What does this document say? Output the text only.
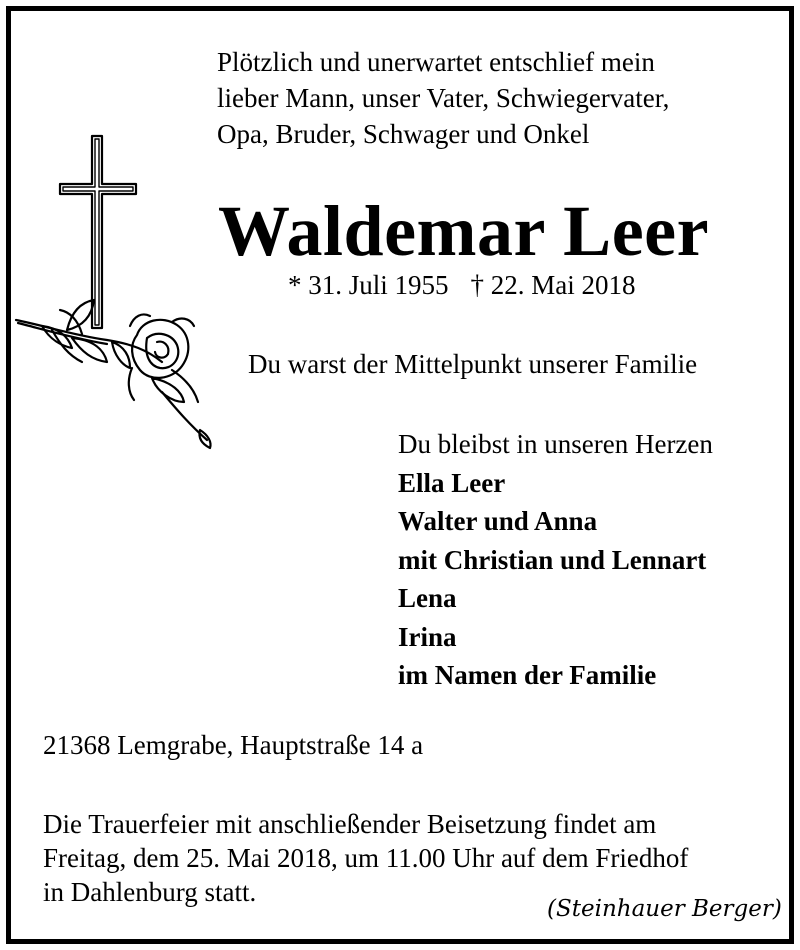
Plötzlich und unerwartet entschlief mein
lieber Mann, unser Vater, Schwiegervater,
Opa, Bruder, Schwager und Onkel
Waldemar Leer
* 31. Juli 1955 † 22. Mai 2018
Du warst der Mittelpunkt unserer Familie
Du bleibst in unseren Herzen
Ella Leer
Walter und Anna
mit Christian und Lennart
Lena
Irina
im Namen der Familie
21368 Lemgrabe, Hauptstraße 14 a
Die Trauerfeier mit anschließender Beisetzung findet am
Freitag, dem 25. Mai 2018, um 11.00 Uhr auf dem Friedhof
in Dahlenburg statt.
(Steinhauer Berger)
